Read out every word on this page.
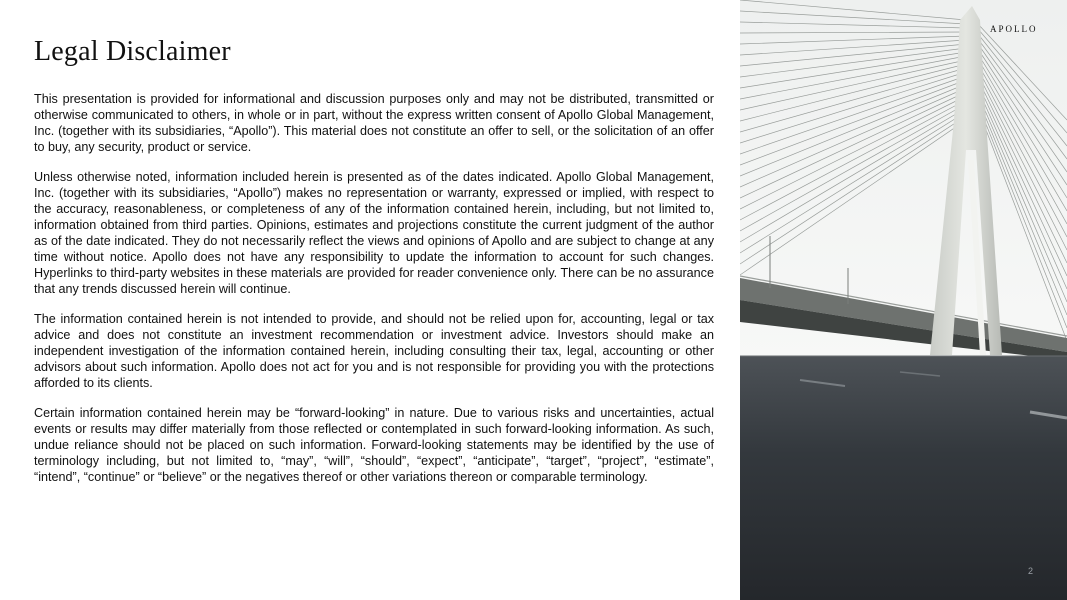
Legal Disclaimer

This presentation is provided for informational and discussion purposes only and may not be distributed, transmitted or otherwise communicated to others, in whole or in part, without the express written consent of Apollo Global Management, Inc. (together with its subsidiaries, “Apollo”). This material does not constitute an offer to sell, or the solicitation of an offer to buy, any security, product or service.

Unless otherwise noted, information included herein is presented as of the dates indicated. Apollo Global Management, Inc. (together with its subsidiaries, “Apollo”) makes no representation or warranty, expressed or implied, with respect to the accuracy, reasonableness, or completeness of any of the information contained herein, including, but not limited to, information obtained from third parties. Opinions, estimates and projections constitute the current judgment of the author as of the date indicated. They do not necessarily reflect the views and opinions of Apollo and are subject to change at any time without notice. Apollo does not have any responsibility to update the information to account for such changes. Hyperlinks to third-party websites in these materials are provided for reader convenience only. There can be no assurance that any trends discussed herein will continue.

The information contained herein is not intended to provide, and should not be relied upon for, accounting, legal or tax advice and does not constitute an investment recommendation or investment advice. Investors should make an independent investigation of the information contained herein, including consulting their tax, legal, accounting or other advisors about such information. Apollo does not act for you and is not responsible for providing you with the protections afforded to its clients.

Certain information contained herein may be “forward-looking” in nature. Due to various risks and uncertainties, actual events or results may differ materially from those reflected or contemplated in such forward-looking information. As such, undue reliance should not be placed on such information. Forward-looking statements may be identified by the use of terminology including, but not limited to, “may”, “will”, “should”, “expect”, “anticipate”, “target”, “project”, “estimate”, “intend”, “continue” or “believe” or the negatives thereof or other variations thereon or comparable terminology.

APOLLO
2
